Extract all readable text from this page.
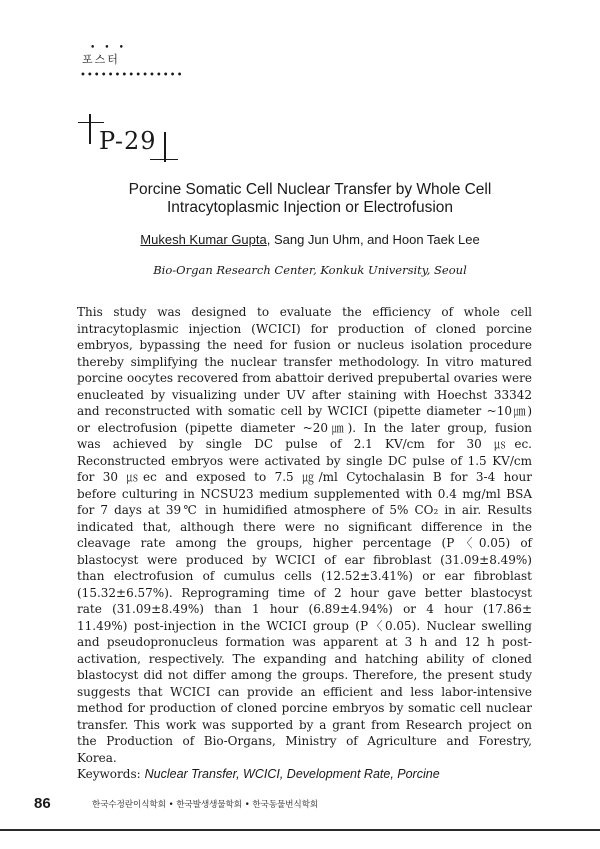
•••
포스터
•••••••••••••••
P-29
Porcine Somatic Cell Nuclear Transfer by Whole Cell
Intracytoplasmic Injection or Electrofusion
Mukesh Kumar Gupta, Sang Jun Uhm, and Hoon Taek Lee
Bio-Organ Research Center, Konkuk University, Seoul
This study was designed to evaluate the efficiency of whole cell
intracytoplasmic injection (WCICI) for production of cloned porcine
embryos, bypassing the need for fusion or nucleus isolation procedure
thereby simplifying the nuclear transfer methodology. In vitro matured
porcine oocytes recovered from abattoir derived prepubertal ovaries were
enucleated by visualizing under UV after staining with Hoechst 33342
and reconstructed with somatic cell by WCICI (pipette diameter ~10㎛)
or electrofusion (pipette diameter ~20㎛). In the later group, fusion
was achieved by single DC pulse of 2.1 KV/cm for 30 ㎲ec.
Reconstructed embryos were activated by single DC pulse of 1.5 KV/cm
for 30 ㎲ec and exposed to 7.5 ㎍/ml Cytochalasin B for 3-4 hour
before culturing in NCSU23 medium supplemented with 0.4 mg/ml BSA
for 7 days at 39℃ in humidified atmosphere of 5% CO₂ in air. Results
indicated that, although there were no significant difference in the
cleavage rate among the groups, higher percentage (P〈0.05) of
blastocyst were produced by WCICI of ear fibroblast (31.09±8.49%)
than electrofusion of cumulus cells (12.52±3.41%) or ear fibroblast
(15.32±6.57%). Reprograming time of 2 hour gave better blastocyst
rate (31.09±8.49%) than 1 hour (6.89±4.94%) or 4 hour (17.86±
11.49%) post-injection in the WCICI group (P〈0.05). Nuclear swelling
and pseudopronucleus formation was apparent at 3 h and 12 h post-
activation, respectively. The expanding and hatching ability of cloned
blastocyst did not differ among the groups. Therefore, the present study
suggests that WCICI can provide an efficient and less labor-intensive
method for production of cloned porcine embryos by somatic cell nuclear
transfer. This work was supported by a grant from Research project on
the Production of Bio-Organs, Ministry of Agriculture and Forestry,
Korea.
Keywords: Nuclear Transfer, WCICI, Development Rate, Porcine
86	한국수정란이식학회 • 한국발생생물학회 • 한국동물번식학회
